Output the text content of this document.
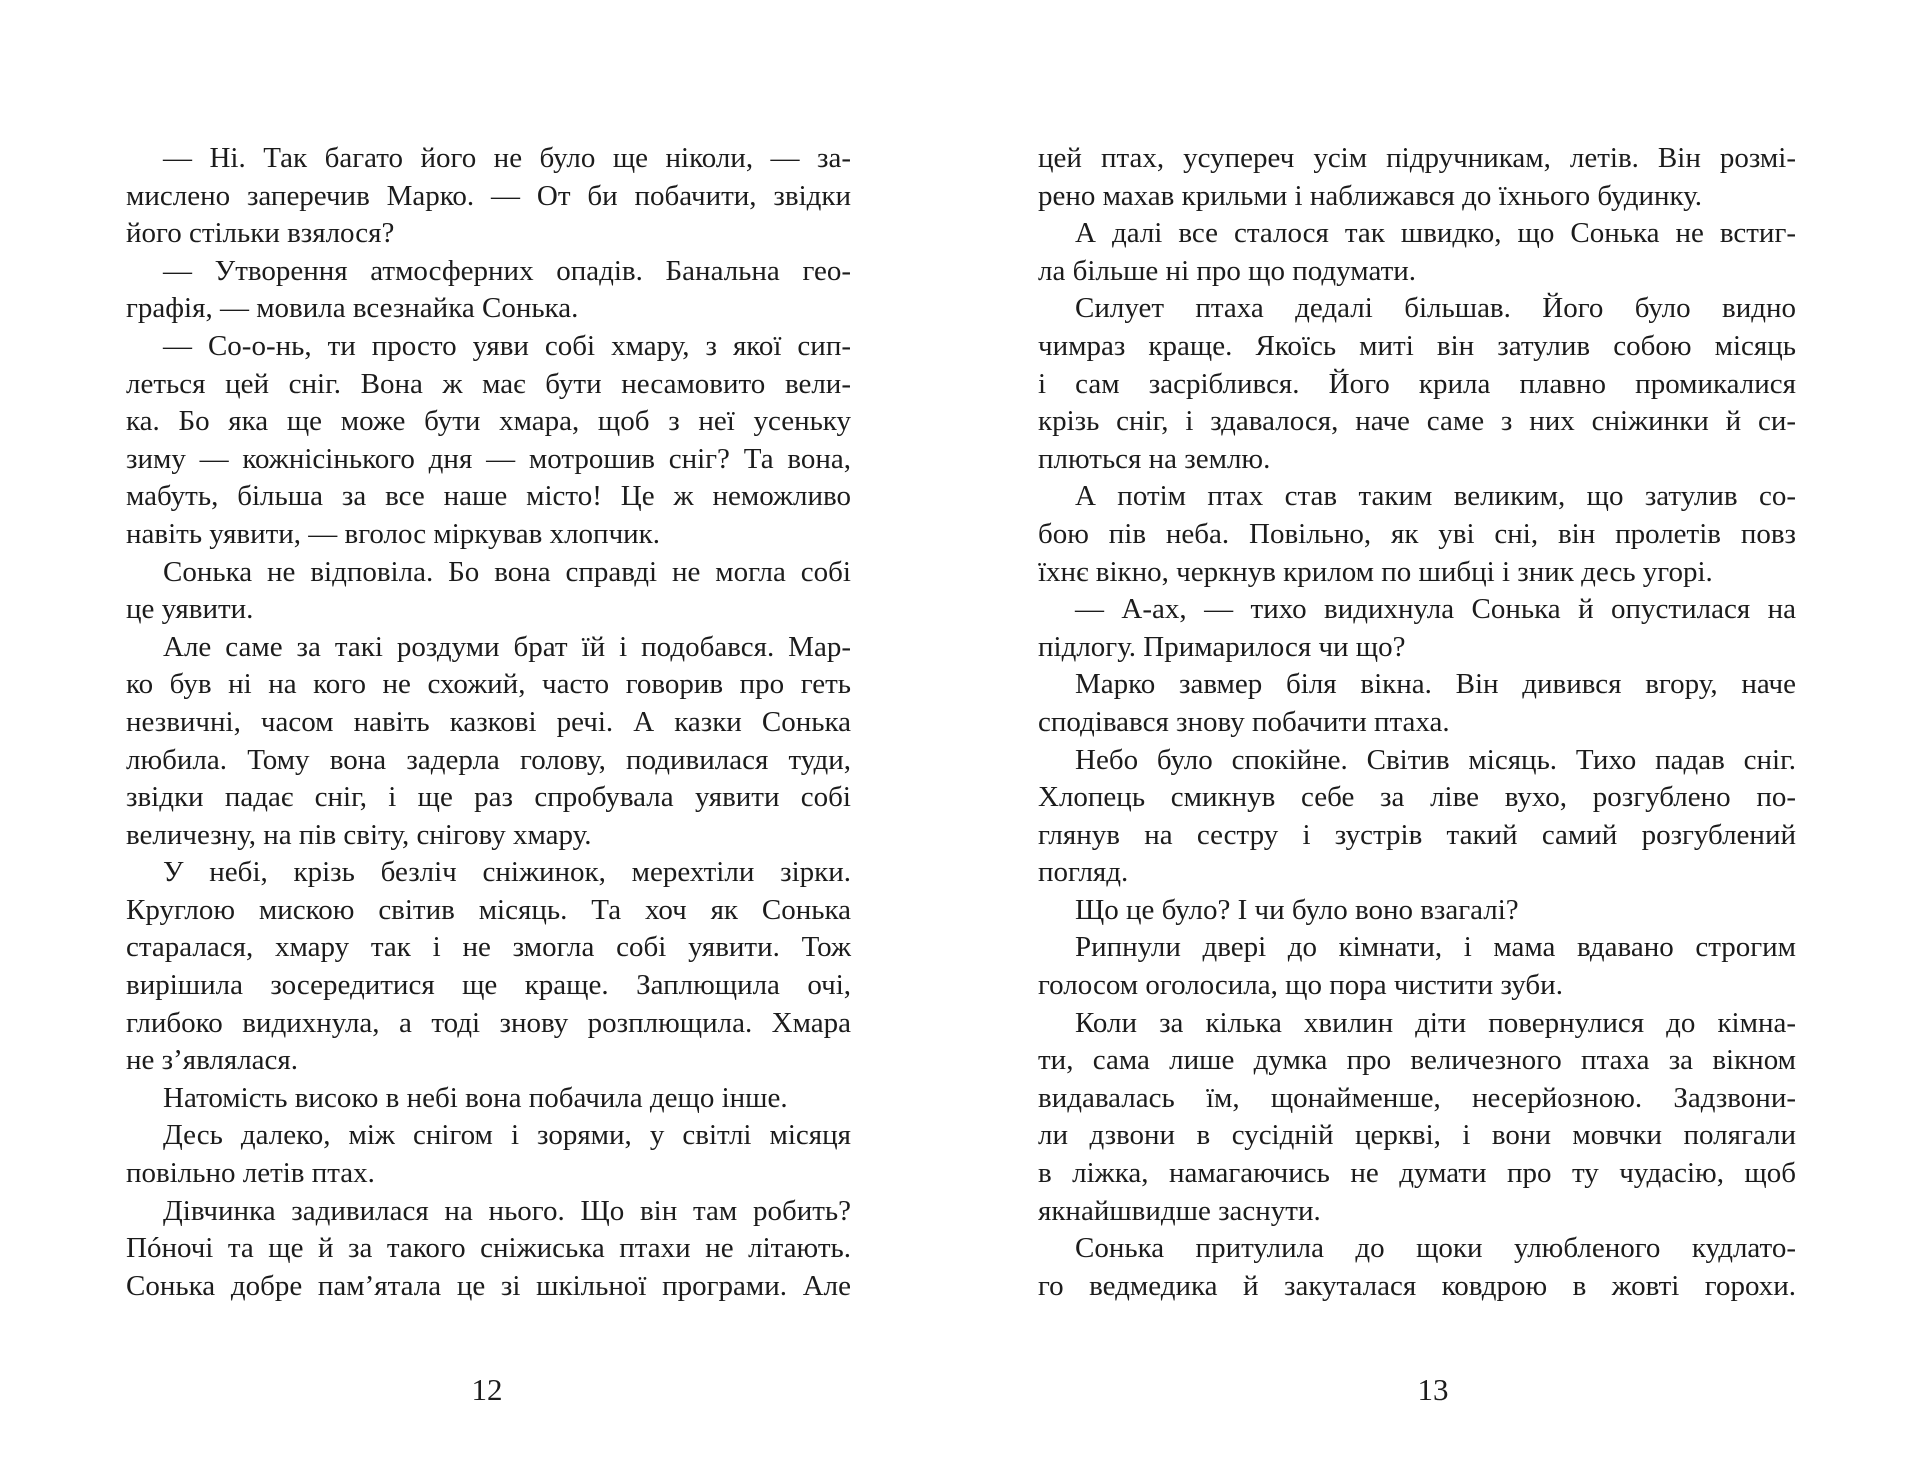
— Ні. Так багато його не було ще ніколи, — за-
мислено заперечив Марко. — От би побачити, звідки
його стільки взялося?
— Утворення атмосферних опадів. Банальна гео-
графія, — мовила всезнайка Сонька.
— Со-о-нь, ти просто уяви собі хмару, з якої сип-
леться цей сніг. Вона ж має бути несамовито вели-
ка. Бо яка ще може бути хмара, щоб з неї усеньку
зиму — кожнісінького дня — мотрошив сніг? Та вона,
мабуть, більша за все наше місто! Це ж неможливо
навіть уявити, — вголос міркував хлопчик.
Сонька не відповіла. Бо вона справді не могла собі
це уявити.
Але саме за такі роздуми брат їй і подобався. Мар-
ко був ні на кого не схожий, часто говорив про геть
незвичні, часом навіть казкові речі. А казки Сонька
любила. Тому вона задерла голову, подивилася туди,
звідки падає сніг, і ще раз спробувала уявити собі
величезну, на пів світу, снігову хмару.
У небі, крізь безліч сніжинок, мерехтіли зірки.
Круглою мискою світив місяць. Та хоч як Сонька
старалася, хмару так і не змогла собі уявити. Тож
вирішила зосередитися ще краще. Заплющила очі,
глибоко видихнула, а тоді знову розплющила. Хмара
не з’являлася.
Натомість високо в небі вона побачила дещо інше.
Десь далеко, між снігом і зорями, у світлі місяця
повільно летів птах.
Дівчинка задивилася на нього. Що він там робить?
Пóночі та ще й за такого сніжиська птахи не літають.
Сонька добре пам’ятала це зі шкільної програми. Але
цей птах, усупереч усім підручникам, летів. Він розмі-
рено махав крильми і наближався до їхнього будинку.
А далі все сталося так швидко, що Сонька не встиг-
ла більше ні про що подумати.
Силует птаха дедалі більшав. Його було видно
чимраз краще. Якоїсь миті він затулив собою місяць
і сам засріблився. Його крила плавно промикалися
крізь сніг, і здавалося, наче саме з них сніжинки й си-
плються на землю.
А потім птах став таким великим, що затулив со-
бою пів неба. Повільно, як уві сні, він пролетів повз
їхнє вікно, черкнув крилом по шибці і зник десь угорі.
— А-ах, — тихо видихнула Сонька й опустилася на
підлогу. Примарилося чи що?
Марко завмер біля вікна. Він дивився вгору, наче
сподівався знову побачити птаха.
Небо було спокійне. Світив місяць. Тихо падав сніг.
Хлопець смикнув себе за ліве вухо, розгублено по-
глянув на сестру і зустрів такий самий розгублений
погляд.
Що це було? І чи було воно взагалі?
Рипнули двері до кімнати, і мама вдавано строгим
голосом оголосила, що пора чистити зуби.
Коли за кілька хвилин діти повернулися до кімна-
ти, сама лише думка про величезного птаха за вікном
видавалась їм, щонайменше, несерйозною. Задзвони-
ли дзвони в сусідній церкві, і вони мовчки полягали
в ліжка, намагаючись не думати про ту чудасію, щоб
якнайшвидше заснути.
Сонька притулила до щоки улюбленого кудлато-
го ведмедика й закуталася ковдрою в жовті горохи.
12	13
